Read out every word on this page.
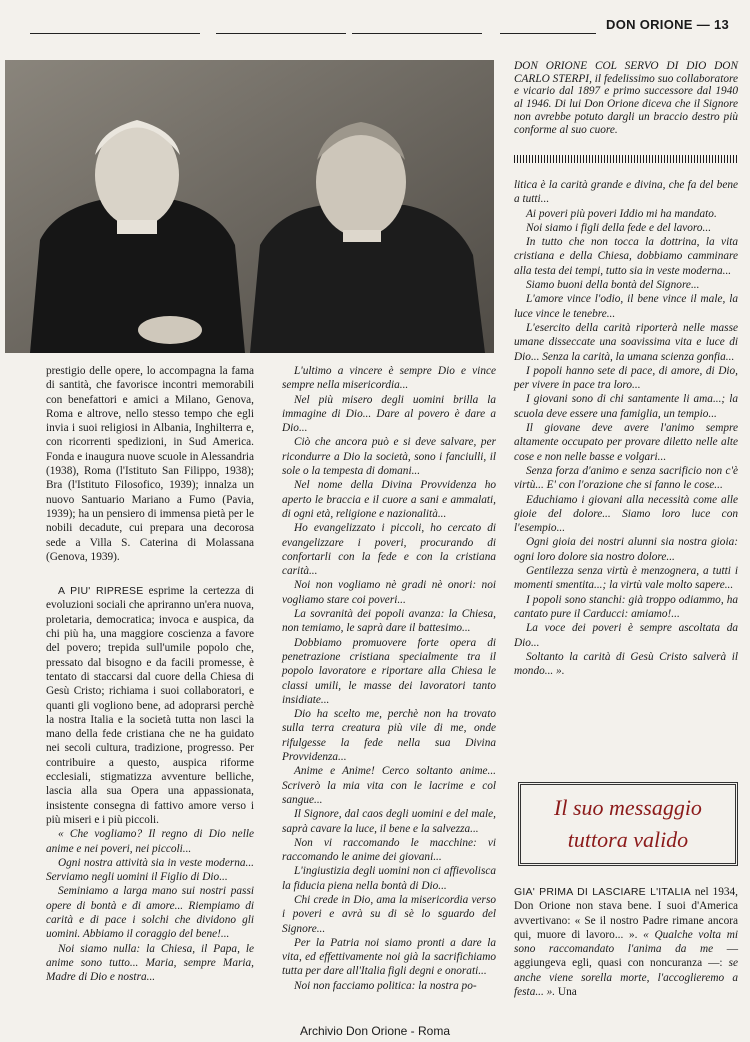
DON ORIONE — 13
DON ORIONE COL SERVO DI DIO DON CARLO STERPI, il fedelissimo suo collaboratore e vicario dal 1897 e primo successore dal 1940 al 1946. Di lui Don Orione diceva che il Signore non avrebbe potuto dargli un braccio destro più conforme al suo cuore.

prestigio delle opere, lo accompagna la fama di santità, che favorisce incontri memorabili con benefattori e amici a Milano, Genova, Roma e altrove, nello stesso tempo che egli invia i suoi religiosi in Albania, Inghilterra e, con ricorrenti spedizioni, in Sud America. Fonda e inaugura nuove scuole in Alessandria (1938), Roma (l'Istituto San Filippo, 1938); Bra (l'Istituto Filosofico, 1939); innalza un nuovo Santuario Mariano a Fumo (Pavia, 1939); ha un pensiero di immensa pietà per le nobili decadute, cui prepara una decorosa sede a Villa S. Caterina di Molassana (Genova, 1939).

A PIU' RIPRESE esprime la certezza di evoluzioni sociali che apriranno un'era nuova, proletaria, democratica; invoca e auspica, da chi più ha, una maggiore coscienza a favore del povero; trepida sull'umile popolo che, pressato dal bisogno e da facili promesse, è tentato di staccarsi dal cuore della Chiesa di Gesù Cristo; richiama i suoi collaboratori, e quanti gli vogliono bene, ad adoprarsi perchè la nostra Italia e la società tutta non lasci la mano della fede cristiana che ne ha guidato nei secoli cultura, tradizione, progresso. Per contribuire a questo, auspica riforme ecclesiali, stigmatizza avventure belliche, lascia alla sua Opera una appassionata, insistente consegna di fattivo amore verso i più miseri e i più piccoli.

« Che vogliamo? Il regno di Dio nelle anime e nei poveri, nei piccoli...

Ogni nostra attività sia in veste moderna... Serviamo negli uomini il Figlio di Dio...

Seminiamo a larga mano sui nostri passi opere di bontà e di amore... Riempiamo di carità e di pace i solchi che dividono gli uomini. Abbiamo il coraggio del bene!...

Noi siamo nulla: la Chiesa, il Papa, le anime sono tutto... Maria, sempre Maria, Madre di Dio e nostra...

L'ultimo a vincere è sempre Dio e vince sempre nella misericordia...

Nel più misero degli uomini brilla la immagine di Dio... Dare al povero è dare a Dio...

Ciò che ancora può e si deve salvare, per ricondurre a Dio la società, sono i fanciulli, il sole o la tempesta di domani...

Nel nome della Divina Provvidenza ho aperto le braccia e il cuore a sani e ammalati, di ogni età, religione e nazionalità...

Ho evangelizzato i piccoli, ho cercato di evangelizzare i poveri, procurando di confortarli con la fede e con la cristiana carità...

Noi non vogliamo nè gradi nè onori: noi vogliamo stare coi poveri...

La sovranità dei popoli avanza: la Chiesa, non temiamo, le saprà dare il battesimo...

Dobbiamo promuovere forte opera di penetrazione cristiana specialmente tra il popolo lavoratore e riportare alla Chiesa le classi umili, le masse dei lavoratori tanto insidiate...

Dio ha scelto me, perchè non ha trovato sulla terra creatura più vile di me, onde rifulgesse la fede nella sua Divina Provvidenza...

Anime e Anime! Cerco soltanto anime... Scriverò la mia vita con le lacrime e col sangue...

Il Signore, dal caos degli uomini e del male, saprà cavare la luce, il bene e la salvezza...

Non vi raccomando le macchine: vi raccomando le anime dei giovani...

L'ingiustizia degli uomini non ci affievolisca la fiducia piena nella bontà di Dio...

Chi crede in Dio, ama la misericordia verso i poveri e avrà su di sè lo sguardo del Signore...

Per la Patria noi siamo pronti a dare la vita, ed effettivamente noi già la sacrifichiamo tutta per dare all'Italia figli degni e onorati...

Noi non facciamo politica: la nostra po-

litica è la carità grande e divina, che fa del bene a tutti...

Ai poveri più poveri Iddio mi ha mandato.

Noi siamo i figli della fede e del lavoro...

In tutto che non tocca la dottrina, la vita cristiana e della Chiesa, dobbiamo camminare alla testa dei tempi, tutto sia in veste moderna...

Siamo buoni della bontà del Signore...

L'amore vince l'odio, il bene vince il male, la luce vince le tenebre...

L'esercito della carità riporterà nelle masse umane disseccate una soavissima vita e luce di Dio... Senza la carità, la umana scienza gonfia...

I popoli hanno sete di pace, di amore, di Dio, per vivere in pace tra loro...

I giovani sono di chi santamente li ama...; la scuola deve essere una famiglia, un tempio...

Il giovane deve avere l'animo sempre altamente occupato per provare diletto nelle alte cose e non nelle basse e volgari...

Senza forza d'animo e senza sacrificio non c'è virtù... E' con l'orazione che si fanno le cose...

Educhiamo i giovani alla necessità come alle gioie del dolore... Siamo loro luce con l'esempio...

Ogni gioia dei nostri alunni sia nostra gioia: ogni loro dolore sia nostro dolore...

Gentilezza senza virtù è menzognera, a tutti i momenti smentita...; la virtù vale molto sapere...

I popoli sono stanchi: già troppo odiammo, ha cantato pure il Carducci: amiamo!...

La voce dei poveri è sempre ascoltata da Dio...

Soltanto la carità di Gesù Cristo salverà il mondo... ».

Il suo messaggio
tuttora valido

GIA' PRIMA DI LASCIARE L'ITALIA nel 1934, Don Orione non stava bene. I suoi d'America avvertivano: « Se il nostro Padre rimane ancora qui, muore di lavoro... ». « Qualche volta mi sono raccomandato l'anima da me — aggiungeva egli, quasi con noncuranza —: se anche viene sorella morte, l'accoglieremo a festa... ». Una

Archivio Don Orione - Roma
